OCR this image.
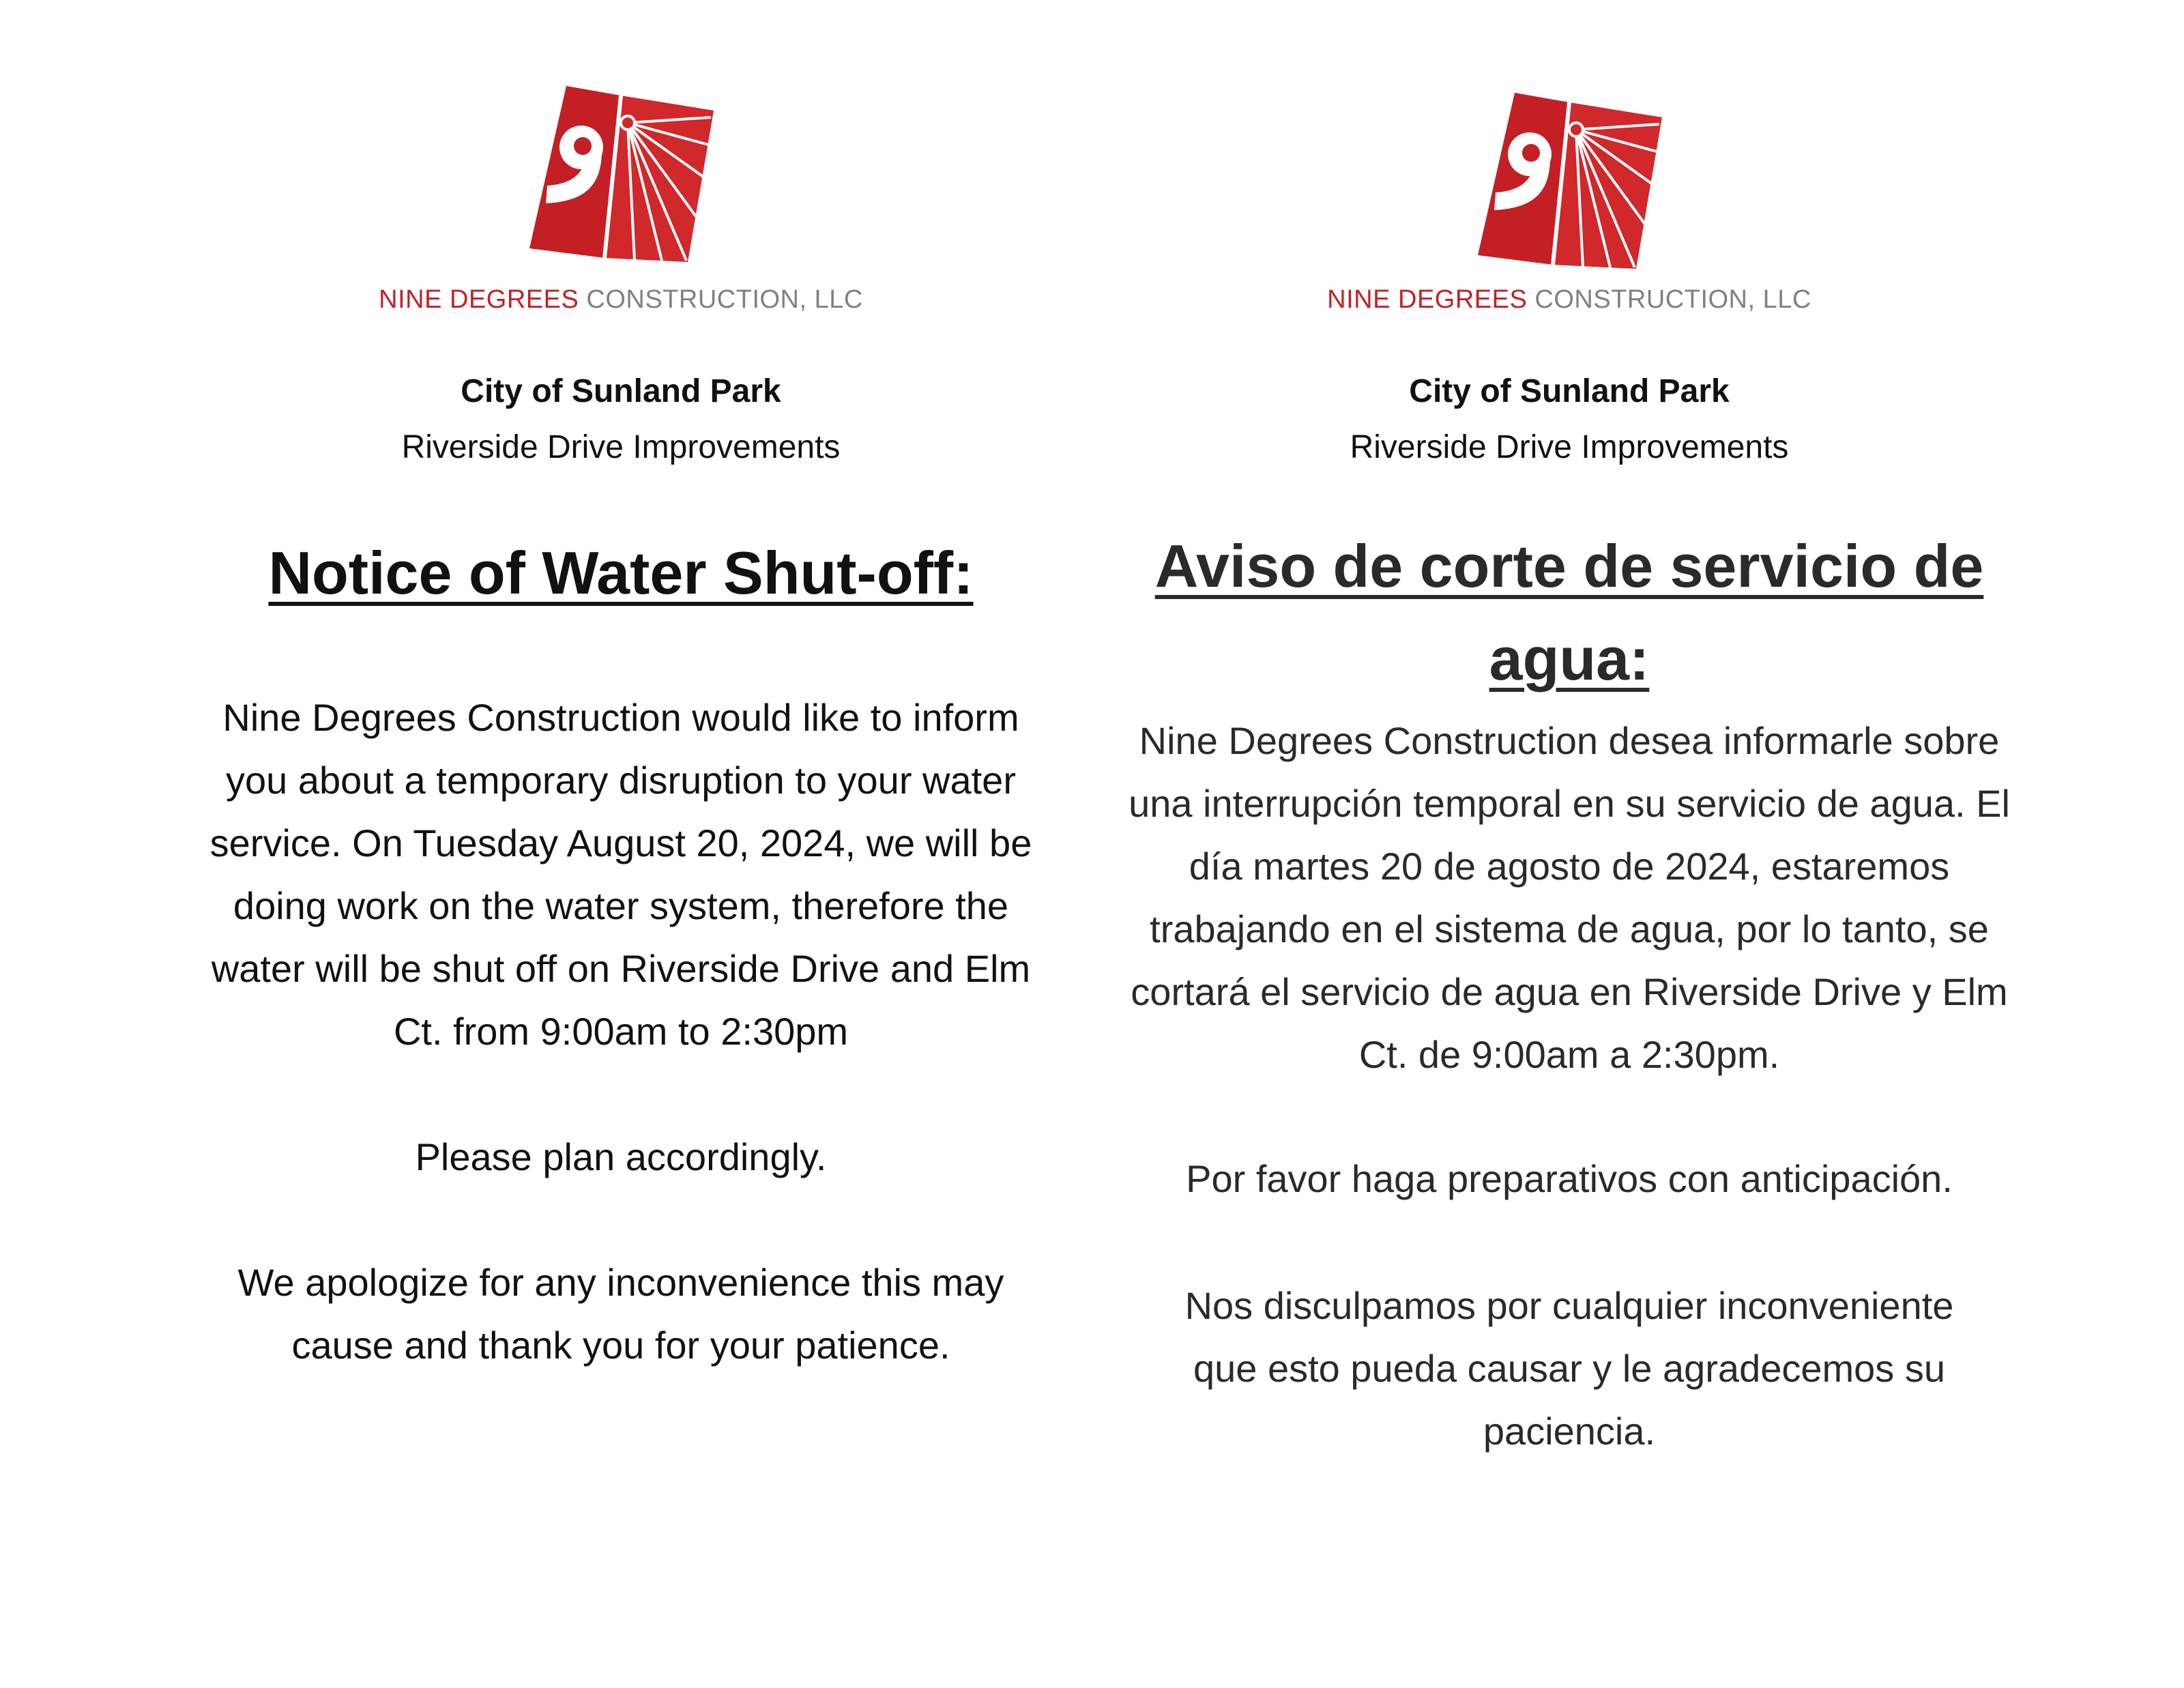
NINE DEGREES CONSTRUCTION, LLC
City of Sunland Park
Riverside Drive Improvements
Notice of Water Shut-off:
Nine Degrees Construction would like to inform you about a temporary disruption to your water service. On Tuesday August 20, 2024, we will be doing work on the water system, therefore the water will be shut off on Riverside Drive and Elm Ct. from 9:00am to 2:30pm
Please plan accordingly.
We apologize for any inconvenience this may cause and thank you for your patience.
NINE DEGREES CONSTRUCTION, LLC
City of Sunland Park
Riverside Drive Improvements
Aviso de corte de servicio de agua:
Nine Degrees Construction desea informarle sobre una interrupción temporal en su servicio de agua. El día martes 20 de agosto de 2024, estaremos trabajando en el sistema de agua, por lo tanto, se cortará el servicio de agua en Riverside Drive y Elm Ct. de 9:00am a 2:30pm.
Por favor haga preparativos con anticipación.
Nos disculpamos por cualquier inconveniente que esto pueda causar y le agradecemos su paciencia.
